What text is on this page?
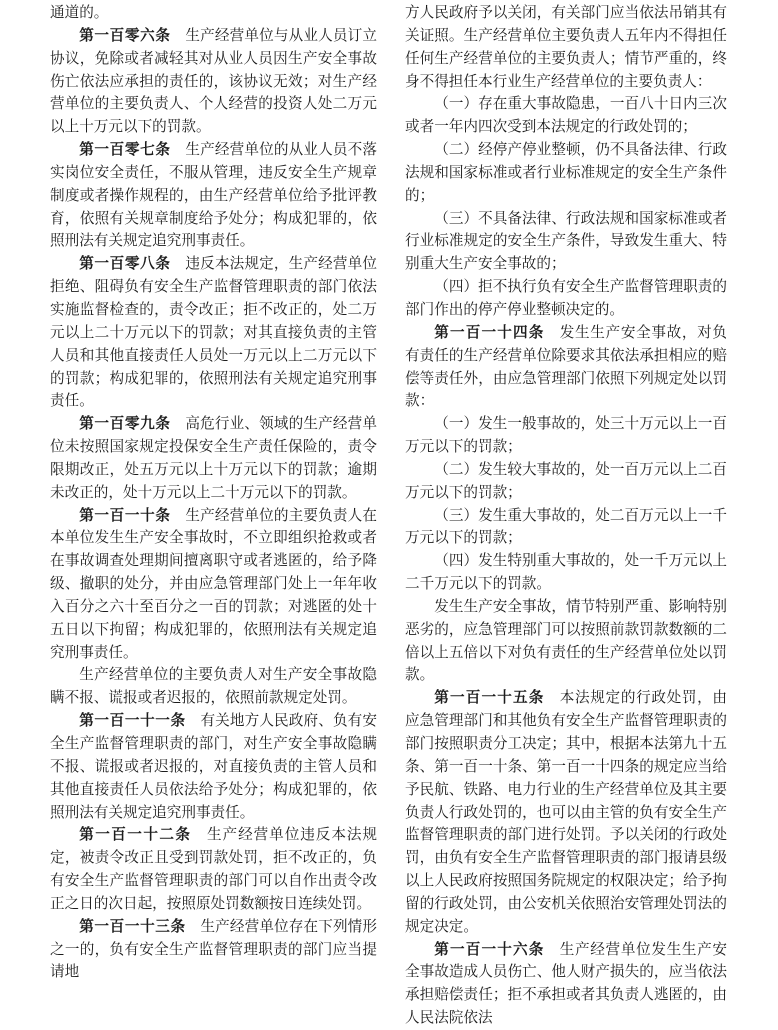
通道的。

第一百零六条　生产经营单位与从业人员订立协议，免除或者减轻其对从业人员因生产安全事故伤亡依法应承担的责任的，该协议无效；对生产经营单位的主要负责人、个人经营的投资人处二万元以上十万元以下的罚款。

第一百零七条　生产经营单位的从业人员不落实岗位安全责任，不服从管理，违反安全生产规章制度或者操作规程的，由生产经营单位给予批评教育，依照有关规章制度给予处分；构成犯罪的，依照刑法有关规定追究刑事责任。

第一百零八条　违反本法规定，生产经营单位拒绝、阻碍负有安全生产监督管理职责的部门依法实施监督检查的，责令改正；拒不改正的，处二万元以上二十万元以下的罚款；对其直接负责的主管人员和其他直接责任人员处一万元以上二万元以下的罚款；构成犯罪的，依照刑法有关规定追究刑事责任。

第一百零九条　高危行业、领域的生产经营单位未按照国家规定投保安全生产责任保险的，责令限期改正，处五万元以上十万元以下的罚款；逾期未改正的，处十万元以上二十万元以下的罚款。

第一百一十条　生产经营单位的主要负责人在本单位发生生产安全事故时，不立即组织抢救或者在事故调查处理期间擅离职守或者逃匿的，给予降级、撤职的处分，并由应急管理部门处上一年年收入百分之六十至百分之一百的罚款；对逃匿的处十五日以下拘留；构成犯罪的，依照刑法有关规定追究刑事责任。

生产经营单位的主要负责人对生产安全事故隐瞒不报、谎报或者迟报的，依照前款规定处罚。

第一百一十一条　有关地方人民政府、负有安全生产监督管理职责的部门，对生产安全事故隐瞒不报、谎报或者迟报的，对直接负责的主管人员和其他直接责任人员依法给予处分；构成犯罪的，依照刑法有关规定追究刑事责任。

第一百一十二条　生产经营单位违反本法规定，被责令改正且受到罚款处罚，拒不改正的，负有安全生产监督管理职责的部门可以自作出责令改正之日的次日起，按照原处罚数额按日连续处罚。

第一百一十三条　生产经营单位存在下列情形之一的，负有安全生产监督管理职责的部门应当提请地

方人民政府予以关闭，有关部门应当依法吊销其有关证照。生产经营单位主要负责人五年内不得担任任何生产经营单位的主要负责人；情节严重的，终身不得担任本行业生产经营单位的主要负责人：

（一）存在重大事故隐患，一百八十日内三次或者一年内四次受到本法规定的行政处罚的；

（二）经停产停业整顿，仍不具备法律、行政法规和国家标准或者行业标准规定的安全生产条件的；

（三）不具备法律、行政法规和国家标准或者行业标准规定的安全生产条件，导致发生重大、特别重大生产安全事故的；

（四）拒不执行负有安全生产监督管理职责的部门作出的停产停业整顿决定的。

第一百一十四条　发生生产安全事故，对负有责任的生产经营单位除要求其依法承担相应的赔偿等责任外，由应急管理部门依照下列规定处以罚款：

（一）发生一般事故的，处三十万元以上一百万元以下的罚款；

（二）发生较大事故的，处一百万元以上二百万元以下的罚款；

（三）发生重大事故的，处二百万元以上一千万元以下的罚款；

（四）发生特别重大事故的，处一千万元以上二千万元以下的罚款。

发生生产安全事故，情节特别严重、影响特别恶劣的，应急管理部门可以按照前款罚款数额的二倍以上五倍以下对负有责任的生产经营单位处以罚款。

第一百一十五条　本法规定的行政处罚，由应急管理部门和其他负有安全生产监督管理职责的部门按照职责分工决定；其中，根据本法第九十五条、第一百一十条、第一百一十四条的规定应当给予民航、铁路、电力行业的生产经营单位及其主要负责人行政处罚的，也可以由主管的负有安全生产监督管理职责的部门进行处罚。予以关闭的行政处罚，由负有安全生产监督管理职责的部门报请县级以上人民政府按照国务院规定的权限决定；给予拘留的行政处罚，由公安机关依照治安管理处罚法的规定决定。

第一百一十六条　生产经营单位发生生产安全事故造成人员伤亡、他人财产损失的，应当依法承担赔偿责任；拒不承担或者其负责人逃匿的，由人民法院依法
